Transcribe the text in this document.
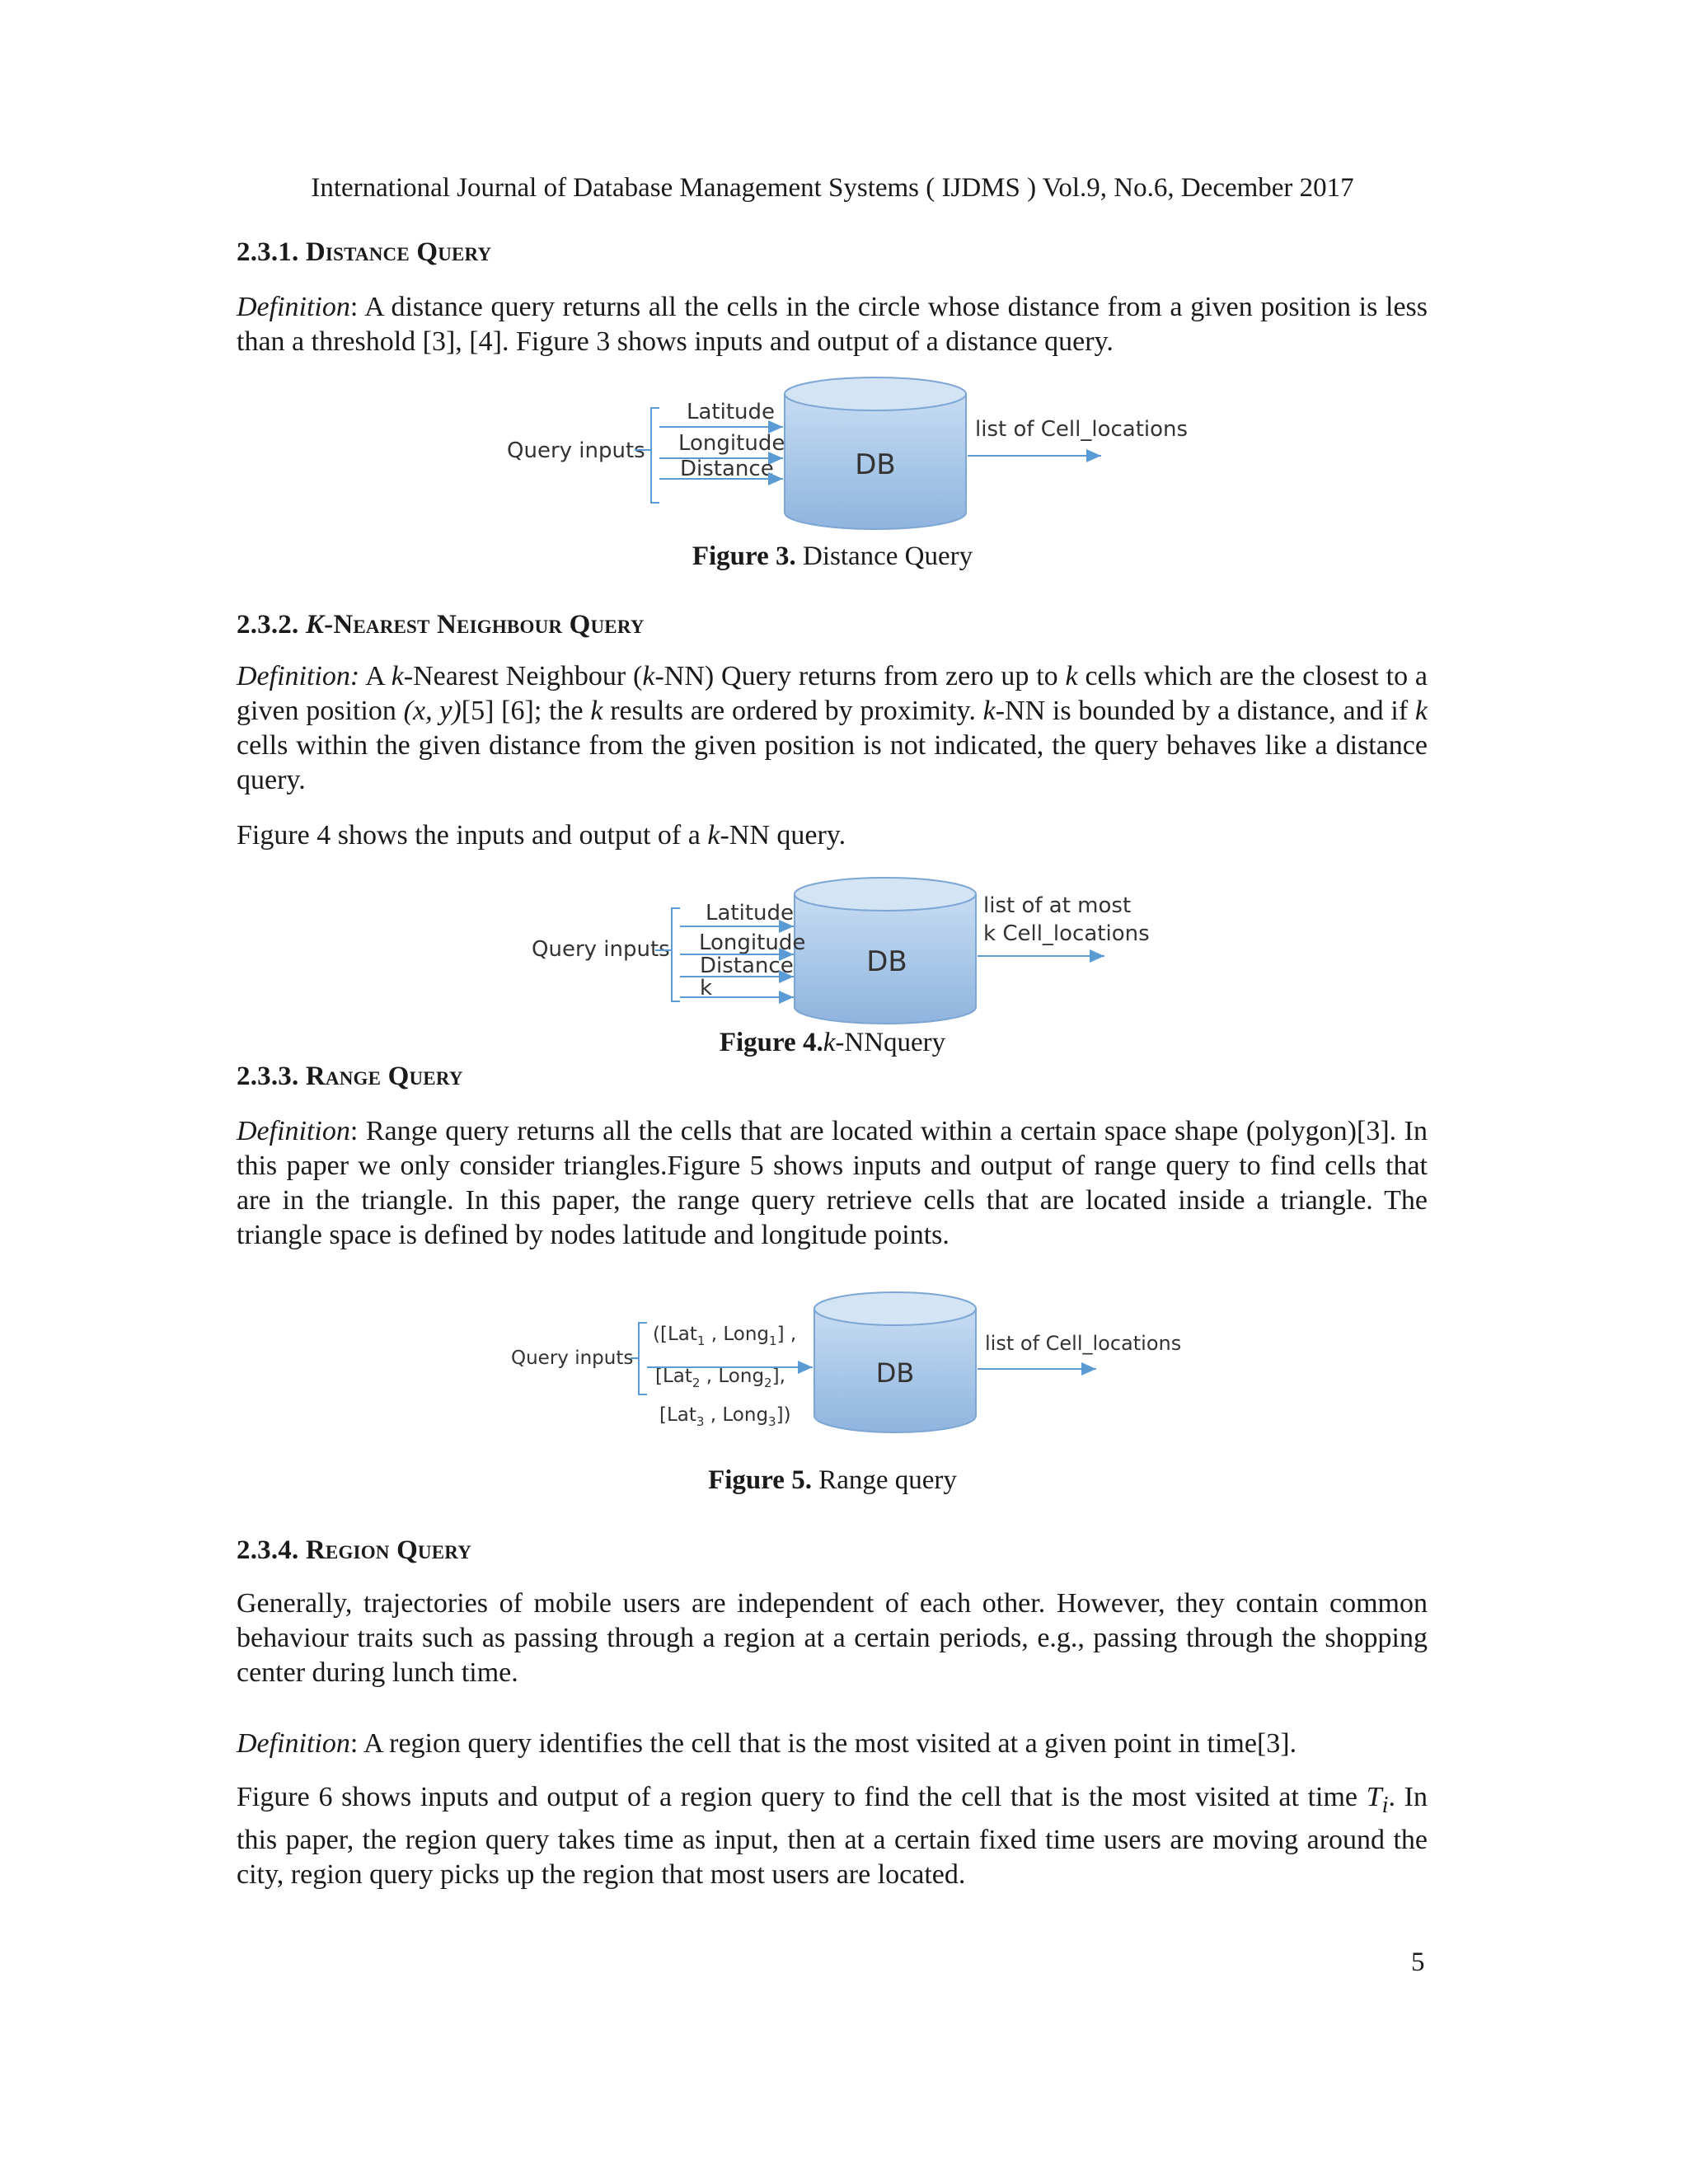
International Journal of Database Management Systems ( IJDMS ) Vol.9, No.6, December 2017
2.3.1. Distance Query

Definition: A distance query returns all the cells in the circle whose distance from a given position is less than a threshold [3], [4]. Figure 3 shows inputs and output of a distance query.

DB
Query inputs
Latitude
Longitude
Distance
list of Cell_locations
DB
Query inputs
Latitude
Longitude
Distance
k
list of at most
k Cell_locations
DB
Query inputs
([Lat$_1$ , Long$_1$] ,
[Lat$_2$ , Long$_2$],
[Lat$_3$ , Long$_3$])
list of Cell_locations
Figure 3. Distance Query
2.3.2. K-Nearest Neighbour Query

Definition: A k-Nearest Neighbour (k-NN) Query returns from zero up to k cells which are the closest to a given position (x, y)[5] [6]; the k results are ordered by proximity. k-NN is bounded by a distance, and if k cells within the given distance from the given position is not indicated, the query behaves like a distance query.

Figure 4 shows the inputs and output of a k-NN query.

Figure 4.k-NNquery
2.3.3. Range Query

Definition: Range query returns all the cells that are located within a certain space shape (polygon)[3]. In this paper we only consider triangles.Figure 5 shows inputs and output of range query to find cells that are in the triangle. In this paper, the range query retrieve cells that are located inside a triangle. The triangle space is defined by nodes latitude and longitude points.

Figure 5. Range query
2.3.4. Region Query

Generally, trajectories of mobile users are independent of each other. However, they contain common behaviour traits such as passing through a region at a certain periods, e.g., passing through the shopping center during lunch time.

Definition: A region query identifies the cell that is the most visited at a given point in time[3].

Figure 6 shows inputs and output of a region query to find the cell that is the most visited at time $T_i$. In this paper, the region query takes time as input, then at a certain fixed time users are moving around the city, region query picks up the region that most users are located.

5
